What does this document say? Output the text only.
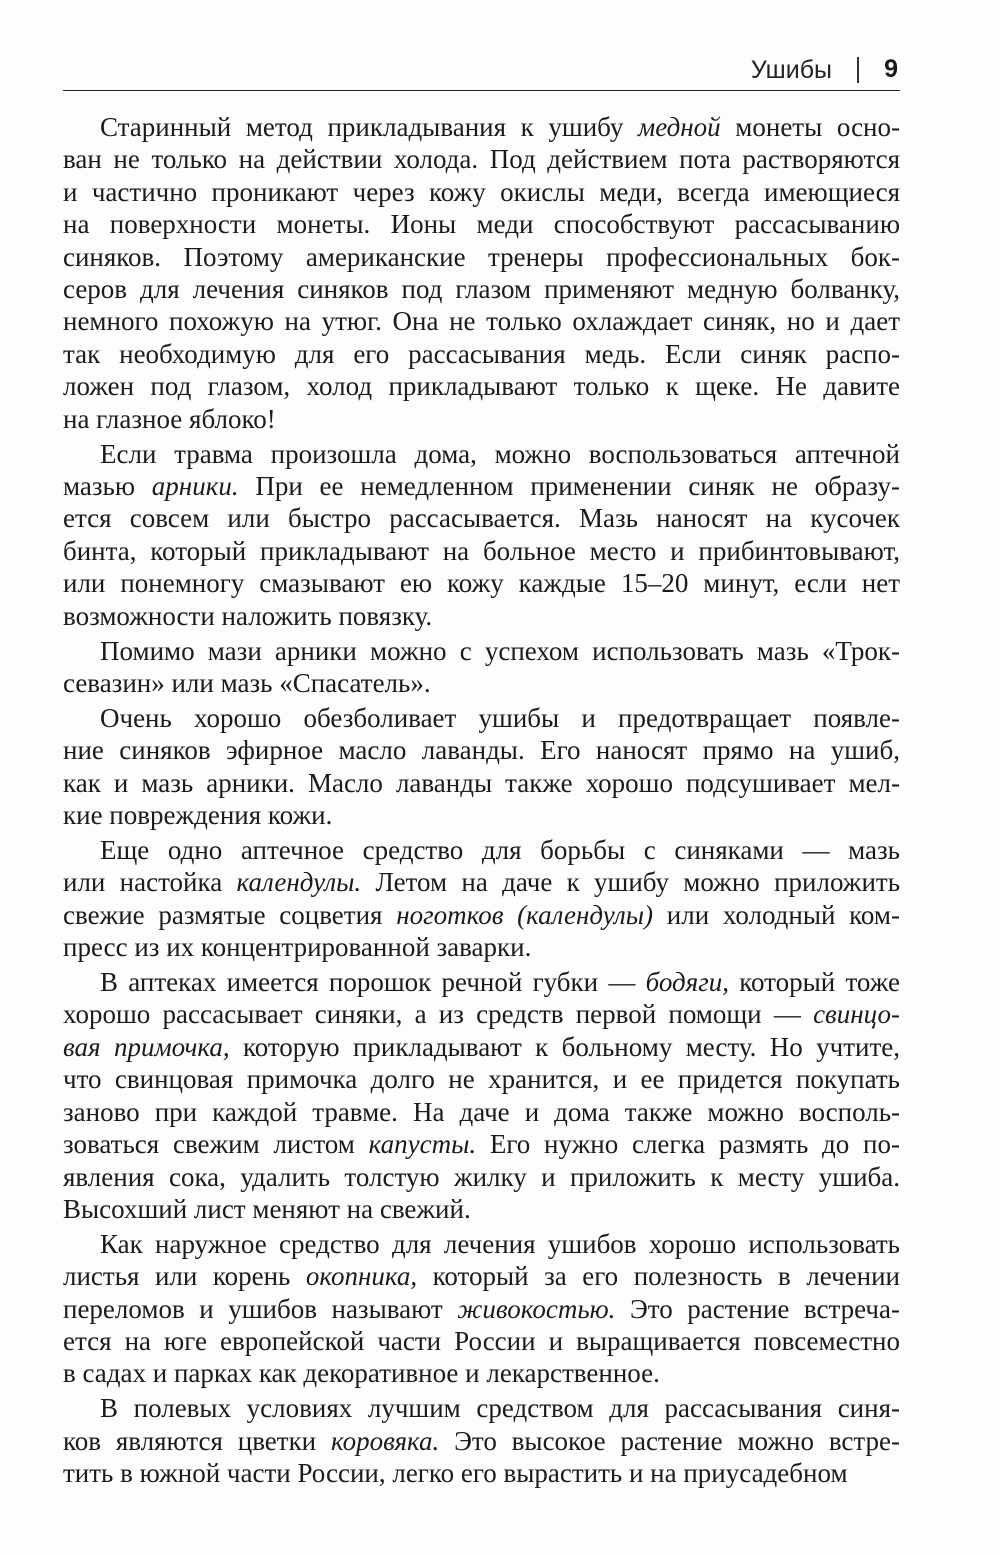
Ушибы 9
Старинный метод прикладывания к ушибу медной монеты осно-
ван не только на действии холода. Под действием пота растворяются
и частично проникают через кожу окислы меди, всегда имеющиеся
на поверхности монеты. Ионы меди способствуют рассасыванию
синяков. Поэтому американские тренеры профессиональных бок-
серов для лечения синяков под глазом применяют медную болванку,
немного похожую на утюг. Она не только охлаждает синяк, но и дает
так необходимую для его рассасывания медь. Если синяк распо-
ложен под глазом, холод прикладывают только к щеке. Не давите
на глазное яблоко!
Если травма произошла дома, можно воспользоваться аптечной
мазью арники. При ее немедленном применении синяк не образу-
ется совсем или быстро рассасывается. Мазь наносят на кусочек
бинта, который прикладывают на больное место и прибинтовывают,
или понемногу смазывают ею кожу каждые 15–20 минут, если нет
возможности наложить повязку.
Помимо мази арники можно с успехом использовать мазь «Трок-
севазин» или мазь «Спасатель».
Очень хорошо обезболивает ушибы и предотвращает появле-
ние синяков эфирное масло лаванды. Его наносят прямо на ушиб,
как и мазь арники. Масло лаванды также хорошо подсушивает мел-
кие повреждения кожи.
Еще одно аптечное средство для борьбы с синяками — мазь
или настойка календулы. Летом на даче к ушибу можно приложить
свежие размятые соцветия ноготков (календулы) или холодный ком-
пресс из их концентрированной заварки.
В аптеках имеется порошок речной губки — бодяги, который тоже
хорошо рассасывает синяки, а из средств первой помощи — свинцо-
вая примочка, которую прикладывают к больному месту. Но учтите,
что свинцовая примочка долго не хранится, и ее придется покупать
заново при каждой травме. На даче и дома также можно восполь-
зоваться свежим листом капусты. Его нужно слегка размять до по-
явления сока, удалить толстую жилку и приложить к месту ушиба.
Высохший лист меняют на свежий.
Как наружное средство для лечения ушибов хорошо использовать
листья или корень окопника, который за его полезность в лечении
переломов и ушибов называют живокостью. Это растение встреча-
ется на юге европейской части России и выращивается повсеместно
в садах и парках как декоративное и лекарственное.
В полевых условиях лучшим средством для рассасывания синя-
ков являются цветки коровяка. Это высокое растение можно встре-
тить в южной части России, легко его вырастить и на приусадебном
